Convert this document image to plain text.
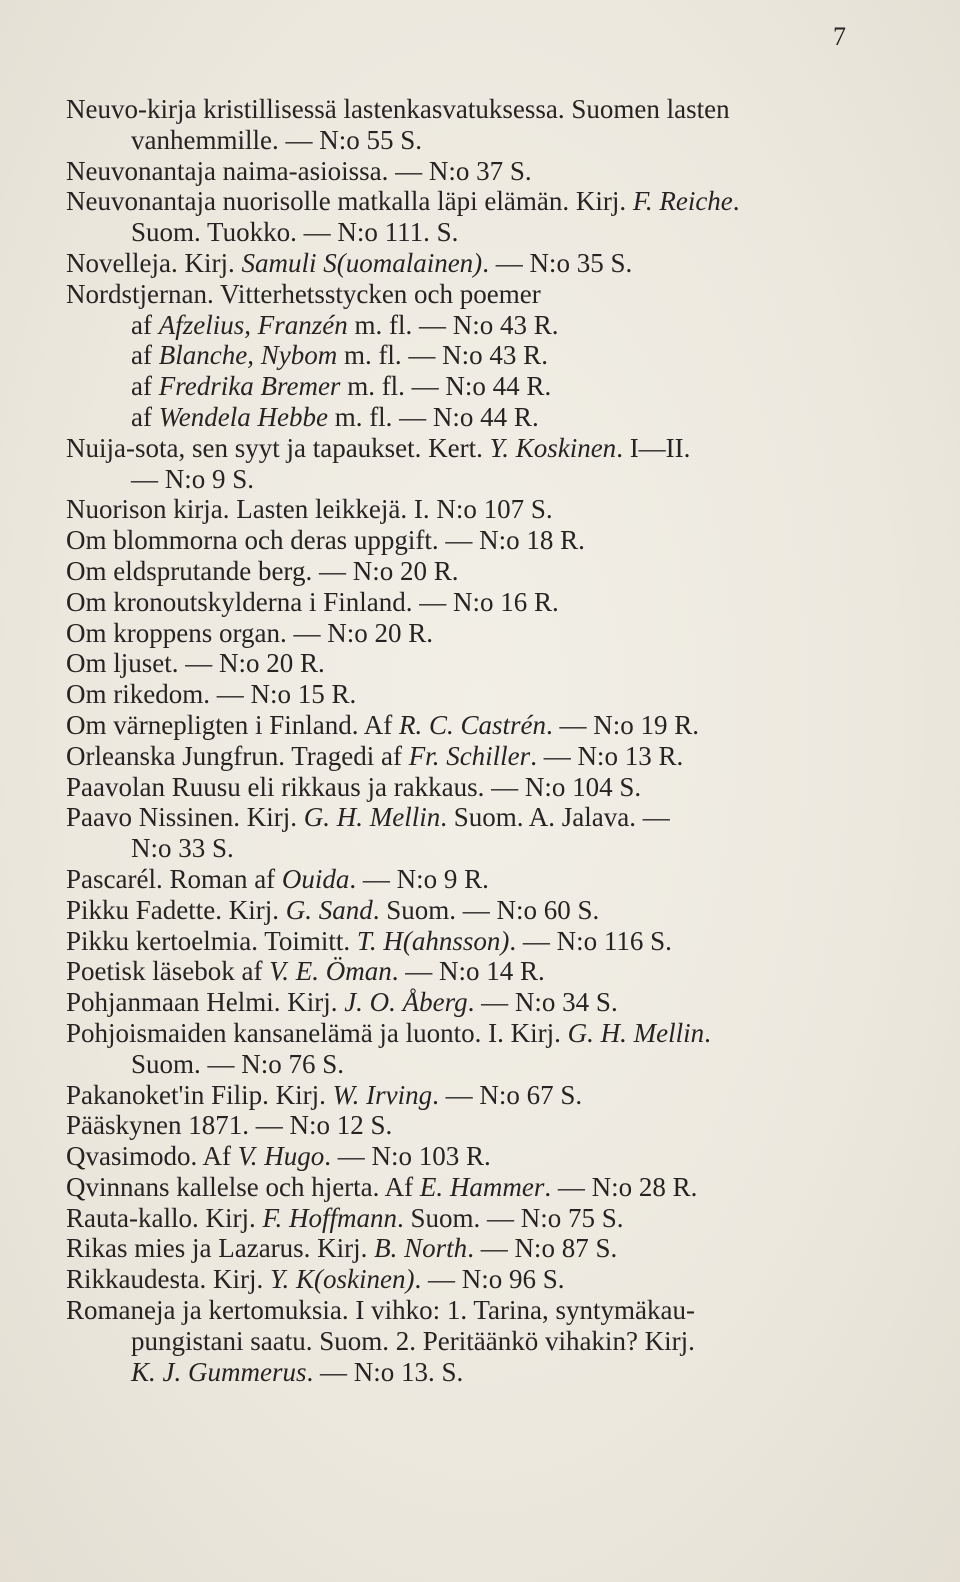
7
Neuvo-kirja kristillisessä lastenkasvatuksessa. Suomen lasten
vanhemmille. — N:o 55 S.
Neuvonantaja naima-asioissa. — N:o 37 S.
Neuvonantaja nuorisolle matkalla läpi elämän. Kirj. F. Reiche.
Suom. Tuokko. — N:o 111. S.
Novelleja. Kirj. Samuli S(uomalainen). — N:o 35 S.
Nordstjernan. Vitterhetsstycken och poemer
af Afzelius, Franzén m. fl. — N:o 43 R.
af Blanche, Nybom m. fl. — N:o 43 R.
af Fredrika Bremer m. fl. — N:o 44 R.
af Wendela Hebbe m. fl. — N:o 44 R.
Nuija-sota, sen syyt ja tapaukset. Kert. Y. Koskinen. I—II.
— N:o 9 S.
Nuorison kirja. Lasten leikkejä. I. N:o 107 S.
Om blommorna och deras uppgift. — N:o 18 R.
Om eldsprutande berg. — N:o 20 R.
Om kronoutskylderna i Finland. — N:o 16 R.
Om kroppens organ. — N:o 20 R.
Om ljuset. — N:o 20 R.
Om rikedom. — N:o 15 R.
Om värnepligten i Finland. Af R. C. Castrén. — N:o 19 R.
Orleanska Jungfrun. Tragedi af Fr. Schiller. — N:o 13 R.
Paavolan Ruusu eli rikkaus ja rakkaus. — N:o 104 S.
Paavo Nissinen. Kirj. G. H. Mellin. Suom. A. Jalava. —
N:o 33 S.
Pascarél. Roman af Ouida. — N:o 9 R.
Pikku Fadette. Kirj. G. Sand. Suom. — N:o 60 S.
Pikku kertoelmia. Toimitt. T. H(ahnsson). — N:o 116 S.
Poetisk läsebok af V. E. Öman. — N:o 14 R.
Pohjanmaan Helmi. Kirj. J. O. Åberg. — N:o 34 S.
Pohjoismaiden kansanelämä ja luonto. I. Kirj. G. H. Mellin.
Suom. — N:o 76 S.
Pakanoket'in Filip. Kirj. W. Irving. — N:o 67 S.
Pääskynen 1871. — N:o 12 S.
Qvasimodo. Af V. Hugo. — N:o 103 R.
Qvinnans kallelse och hjerta. Af E. Hammer. — N:o 28 R.
Rauta-kallo. Kirj. F. Hoffmann. Suom. — N:o 75 S.
Rikas mies ja Lazarus. Kirj. B. North. — N:o 87 S.
Rikkaudesta. Kirj. Y. K(oskinen). — N:o 96 S.
Romaneja ja kertomuksia. I vihko: 1. Tarina, syntymäkau-
pungistani saatu. Suom. 2. Peritäänkö vihakin? Kirj.
K. J. Gummerus. — N:o 13. S.
